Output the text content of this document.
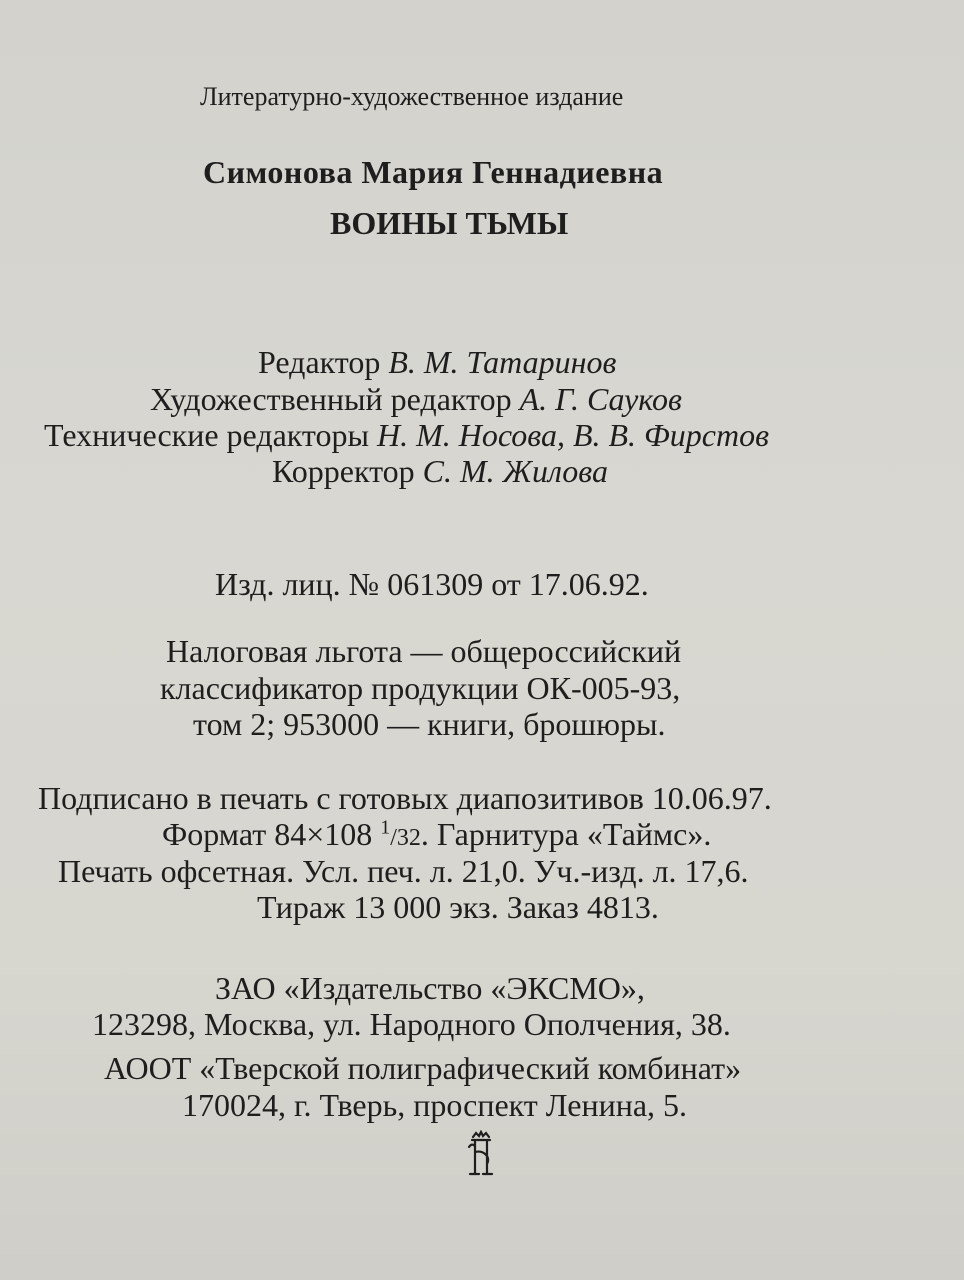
Литературно-художественное издание
Симонова Мария Геннадиевна
ВОИНЫ ТЬМЫ
Редактор В. М. Татаринов
Художественный редактор А. Г. Сауков
Технические редакторы Н. М. Носова, В. В. Фирстов
Корректор С. М. Жилова
Изд. лиц. № 061309 от 17.06.92.
Налоговая льгота — общероссийский
классификатор продукции ОК-005-93,
том 2; 953000 — книги, брошюры.
Подписано в печать с готовых диапозитивов 10.06.97.
Формат 84×108 $^1$/32. Гарнитура «Таймс».
Печать офсетная. Усл. печ. л. 21,0. Уч.-изд. л. 17,6.
Тираж 13 000 экз. Заказ 4813.
ЗАО «Издательство «ЭКСМО»,
123298, Москва, ул. Народного Ополчения, 38.
АООТ «Тверской полиграфический комбинат»
170024, г. Тверь, проспект Ленина, 5.
